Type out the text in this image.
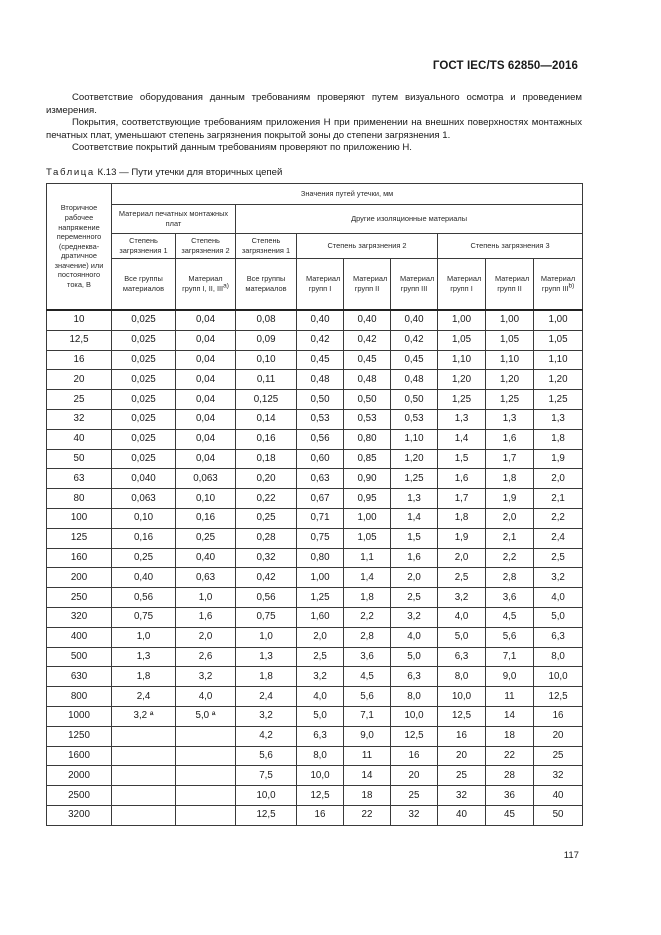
ГОСТ IEC/TS 62850—2016

Соответствие оборудования данным требованиям проверяют путем визуального осмотра и проведением измерения.

Покрытия, соответствующие требованиям приложения Н при применении на внешних поверхностях монтажных печатных плат, уменьшают степень загрязнения покрытой зоны до степени загрязнения 1.

Соответствие покрытий данным требованиям проверяют по приложению Н.

Таблица К.13 — Пути утечки для вторичных цепей
Вторичное рабочее напряжение переменного (среднеква-дратичное значение) или постоянного тока, В	Значения путей утечки, мм								
	Материал печатных монтажных плат		Другие изоляционные материалы						
	Степень загрязнения 1	Степень загрязнения 2	Степень загрязнения 1	Степень загрязнения 2			Степень загрязнения 3		
	Все группы материалов	Материал групп I, II, III$^{a)}$	Все группы материалов	Материал групп I	Материал групп II	Материал групп III	Материал групп I	Материал групп II	Материал групп III$^{b)}$
10	0,025	0,04	0,08	0,40	0,40	0,40	1,00	1,00	1,00
12,5	0,025	0,04	0,09	0,42	0,42	0,42	1,05	1,05	1,05
16	0,025	0,04	0,10	0,45	0,45	0,45	1,10	1,10	1,10
20	0,025	0,04	0,11	0,48	0,48	0,48	1,20	1,20	1,20
25	0,025	0,04	0,125	0,50	0,50	0,50	1,25	1,25	1,25
32	0,025	0,04	0,14	0,53	0,53	0,53	1,3	1,3	1,3
40	0,025	0,04	0,16	0,56	0,80	1,10	1,4	1,6	1,8
50	0,025	0,04	0,18	0,60	0,85	1,20	1,5	1,7	1,9
63	0,040	0,063	0,20	0,63	0,90	1,25	1,6	1,8	2,0
80	0,063	0,10	0,22	0,67	0,95	1,3	1,7	1,9	2,1
100	0,10	0,16	0,25	0,71	1,00	1,4	1,8	2,0	2,2
125	0,16	0,25	0,28	0,75	1,05	1,5	1,9	2,1	2,4
160	0,25	0,40	0,32	0,80	1,1	1,6	2,0	2,2	2,5
200	0,40	0,63	0,42	1,00	1,4	2,0	2,5	2,8	3,2
250	0,56	1,0	0,56	1,25	1,8	2,5	3,2	3,6	4,0
320	0,75	1,6	0,75	1,60	2,2	3,2	4,0	4,5	5,0
400	1,0	2,0	1,0	2,0	2,8	4,0	5,0	5,6	6,3
500	1,3	2,6	1,3	2,5	3,6	5,0	6,3	7,1	8,0
630	1,8	3,2	1,8	3,2	4,5	6,3	8,0	9,0	10,0
800	2,4	4,0	2,4	4,0	5,6	8,0	10,0	11	12,5
1000	3,2 ª	5,0 ª	3,2	5,0	7,1	10,0	12,5	14	16
1250			4,2	6,3	9,0	12,5	16	18	20
1600			5,6	8,0	11	16	20	22	25
2000			7,5	10,0	14	20	25	28	32
2500			10,0	12,5	18	25	32	36	40
3200			12,5	16	22	32	40	45	50
117
